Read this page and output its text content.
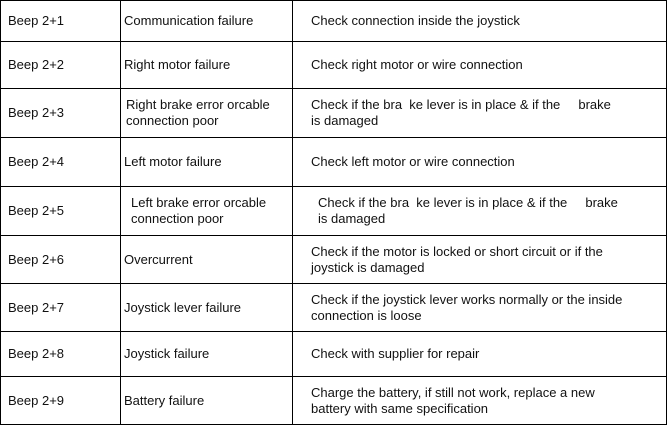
Beep 2+1	Communication failure	Check connection inside the joystick

Beep 2+2	Right motor failure	Check right motor or wire connection

Beep 2+3	Right brake error orcable
connection poor	Check if the bra  ke lever is in place & if the     brake
is damaged

Beep 2+4	Left motor failure	Check left motor or wire connection

Beep 2+5	Left brake error orcable
connection poor	Check if the bra  ke lever is in place & if the     brake
is damaged

Beep 2+6	Overcurrent	Check if the motor is locked or short circuit or if the
joystick is damaged

Beep 2+7	Joystick lever failure	Check if the joystick lever works normally or the inside
connection is loose

Beep 2+8	Joystick failure	Check with supplier for repair

Beep 2+9	Battery failure	Charge the battery, if still not work, replace a new
battery with same specification
